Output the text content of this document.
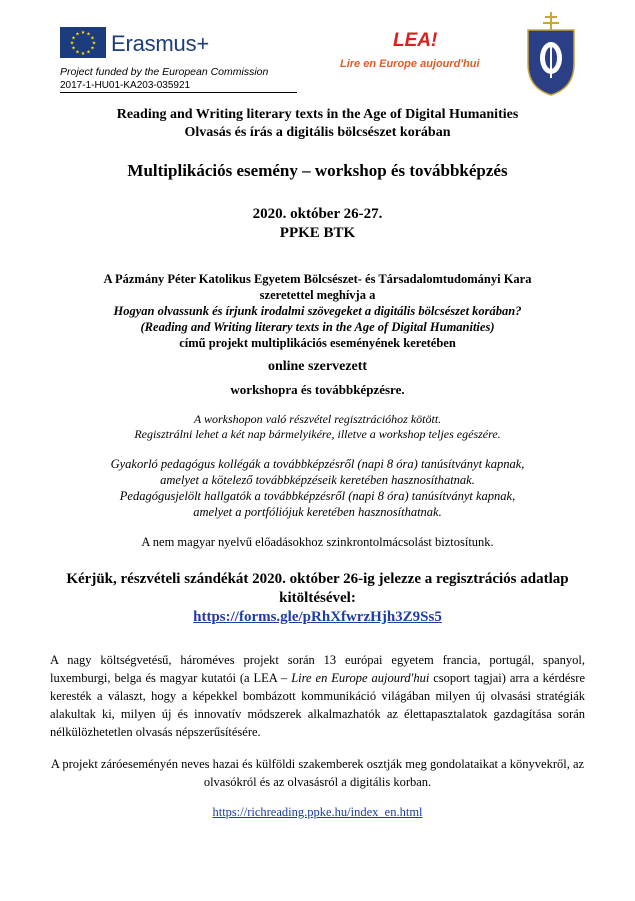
★ ★
★
★
★
★
★
★
★
★
★
★ Erasmus+
Project funded by the European Commission
2017-1-HU01-KA203-035921
LEA!
Lire en Europe aujourd'hui

Reading and Writing literary texts in the Age of Digital Humanities

Olvasás és írás a digitális bölcsészet korában

Multiplikációs esemény – workshop és továbbképzés

2020. október 26-27.

PPKE BTK

A Pázmány Péter Katolikus Egyetem Bölcsészet- és Társadalomtudományi Kara
szeretettel meghívja a
Hogyan olvassunk és írjunk irodalmi szövegeket a digitális bölcsészet korában?
(Reading and Writing literary texts in the Age of Digital Humanities)
című projekt multiplikációs eseményének keretében
online szervezett
workshopra és továbbképzésre.
A workshopon való részvétel regisztrációhoz kötött.
Regisztrálni lehet a két nap bármelyikére, illetve a workshop teljes egészére.
Gyakorló pedagógus kollégák a továbbképzésről (napi 8 óra) tanúsítványt kapnak,
amelyet a kötelező továbbképzéseik keretében hasznosíthatnak.
Pedagógusjelölt hallgatók a továbbképzésről (napi 8 óra) tanúsítványt kapnak,
amelyet a portfóliójuk keretében hasznosíthatnak.
A nem magyar nyelvű előadásokhoz szinkrontolmácsolást biztosítunk.
Kérjük, részvételi szándékát 2020. október 26-ig jelezze a regisztrációs adatlap kitöltésével:
https://forms.gle/pRhXfwrzHjh3Z9Ss5
A nagy költségvetésű, hároméves projekt során 13 európai egyetem francia, portugál, spanyol, luxemburgi, belga és magyar kutatói (a LEA – Lire en Europe aujourd'hui csoport tagjai) arra a kérdésre keresték a választ, hogy a képekkel bombázott kommunikáció világában milyen új olvasási stratégiák alakultak ki, milyen új és innovatív módszerek alkalmazhatók az élettapasztalatok gazdagítása során nélkülözhetetlen olvasás népszerűsítésére.
A projekt záróeseményén neves hazai és külföldi szakemberek osztják meg gondolataikat a könyvekről, az olvasókról és az olvasásról a digitális korban.
https://richreading.ppke.hu/index_en.html
